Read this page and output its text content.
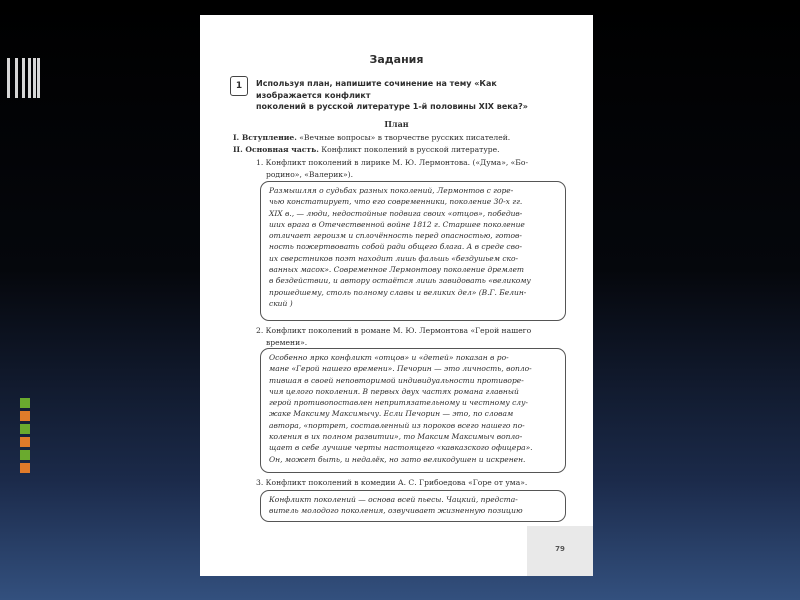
Задания
1	Используя план, напишите сочинение на тему «Как изображается конфликт
поколений в русской литературе 1-й половины XIX века?»
План
I. Вступление. «Вечные вопросы» в творчестве русских писателей.
II. Основная часть. Конфликт поколений в русской литературе.
1. Конфликт поколений в лирике М. Ю. Лермонтова. («Дума», «Бо-
родино», «Валерик»).

Размышляя о судьбах разных поколений, Лермонтов с горе-

чью констатирует, что его современники, поколение 30-х гг.

XIX в., — люди, недостойные подвига своих «отцов», победив-

ших врага в Отечественной войне 1812 г. Старшее поколение

отличает героизм и сплочённость перед опасностью, готов-

ность пожертвовать собой ради общего блага. А в среде сво-

их сверстников поэт находит лишь фальшь «бездушьем ско-

ванных масок». Современное Лермонтову поколение дремлет

в бездействии, и автору остаётся лишь завидовать «великому

прошедшему, столь полному славы и великих дел» (В.Г. Белин-

ский )

2. Конфликт поколений в романе М. Ю. Лермонтова «Герой нашего
времени».

Особенно ярко конфликт «отцов» и «детей» показан в ро-

мане «Герой нашего времени». Печорин — это личность, вопло-

тившая в своей неповторимой индивидуальности противоре-

чия целого поколения. В первых двух частях романа главный

герой противопоставлен непритязательному и честному слу-

жаке Максиму Максимычу. Если Печорин — это, по словам

автора, «портрет, составленный из пороков всего нашего по-

коления в их полном развитии», то Максим Максимыч вопло-

щает в себе лучшие черты настоящего «кавказского офицера».

Он, может быть, и недалёк, но зато великодушен и искренен.

3. Конфликт поколений в комедии А. С. Грибоедова «Горе от ума».

Конфликт поколений — основа всей пьесы. Чацкий, предста-

витель молодого поколения, озвучивает жизненную позицию

79
